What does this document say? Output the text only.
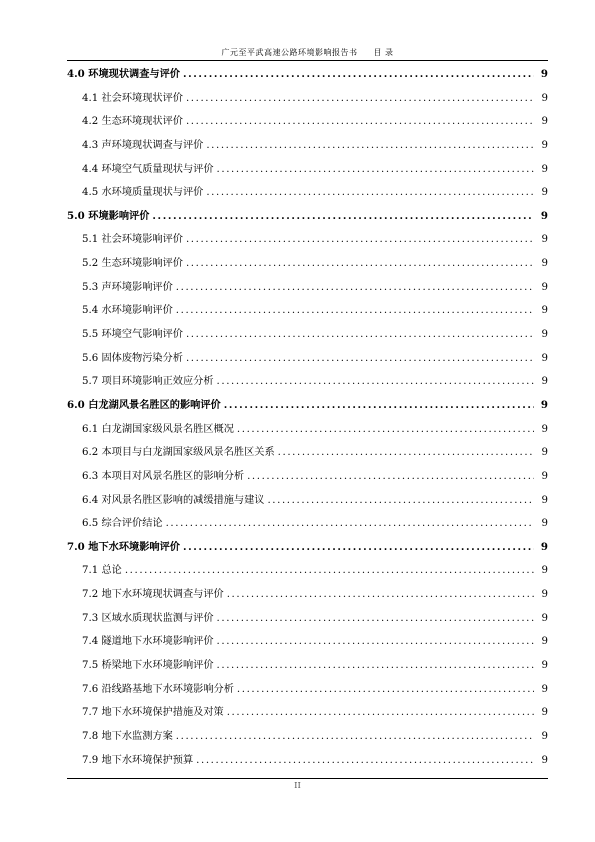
广元至平武高速公路环境影响报告书 目 录
4.0 环境现状调查与评价 .....	9
4.1 社会环境现状评价 .....	9
4.2 生态环境现状评价 .....	9
4.3 声环境现状调查与评价 .....	9
4.4 环境空气质量现状与评价 .....	9
4.5 水环境质量现状与评价 .....	9
5.0 环境影响评价 .....	9
5.1 社会环境影响评价 .....	9
5.2 生态环境影响评价 .....	9
5.3 声环境影响评价 .....	9
5.4 水环境影响评价 .....	9
5.5 环境空气影响评价 .....	9
5.6 固体废物污染分析 .....	9
5.7 项目环境影响正效应分析 .....	9
6.0 白龙湖风景名胜区的影响评价 .....	9
6.1 白龙湖国家级风景名胜区概况 .....	9
6.2 本项目与白龙湖国家级风景名胜区关系 .....	9
6.3 本项目对风景名胜区的影响分析 .....	9
6.4 对风景名胜区影响的减缓措施与建议 .....	9
6.5 综合评价结论 .....	9
7.0 地下水环境影响评价 .....	9
7.1 总论 .....	9
7.2 地下水环境现状调查与评价 .....	9
7.3 区域水质现状监测与评价 .....	9
7.4 隧道地下水环境影响评价 .....	9
7.5 桥梁地下水环境影响评价 .....	9
7.6 沿线路基地下水环境影响分析 .....	9
7.7 地下水环境保护措施及对策 .....	9
7.8 地下水监测方案 .....	9
7.9 地下水环境保护预算 .....	9
II
